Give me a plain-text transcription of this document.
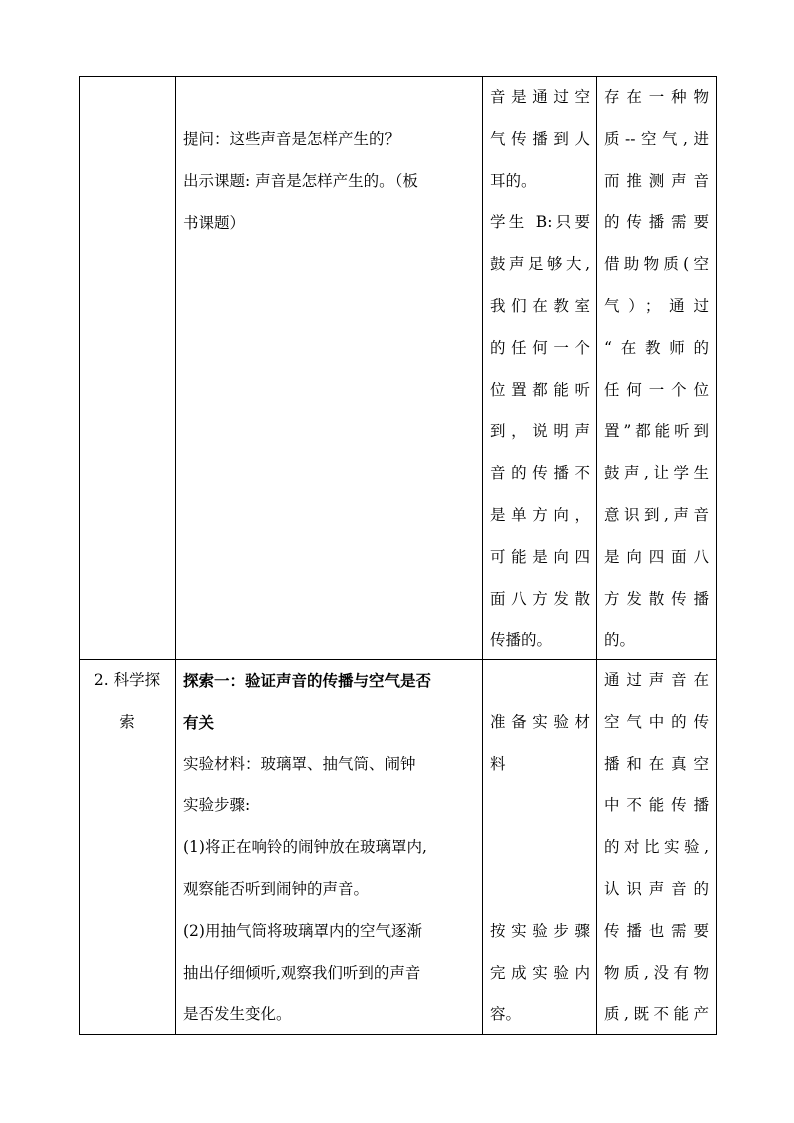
提问：这些声音是怎样产生的？
出示课题: 声音是怎样产生的。（板
书课题）
音是通过空
气传播到人
耳的。
学生 B:只要
鼓声足够大,
我们在教室
的任何一个
位置都能听
到，说明声
音的传播不
是单方向，
可能是向四
面八方发散
传播的。
存在一种物
质--空气,进
而推测声音
的传播需要
借助物质(空
气）；通过
“在教师的
任何一个位
置”都能听到
鼓声,让学生
意识到,声音
是向四面八
方发散传播
的。
2. 科学探
索
探索一：验证声音的传播与空气是否
有关
实验材料：玻璃罩、抽气筒、闹钟
实验步骤:
(1)将正在响铃的闹钟放在玻璃罩内,
观察能否听到闹钟的声音。
(2)用抽气筒将玻璃罩内的空气逐渐
抽出仔细倾听,观察我们听到的声音
是否发生变化。
准备实验材
料
按实验步骤
完成实验内
容。
通过声音在
空气中的传
播和在真空
中不能传播
的对比实验,
认识声音的
传播也需要
物质,没有物
质,既不能产
